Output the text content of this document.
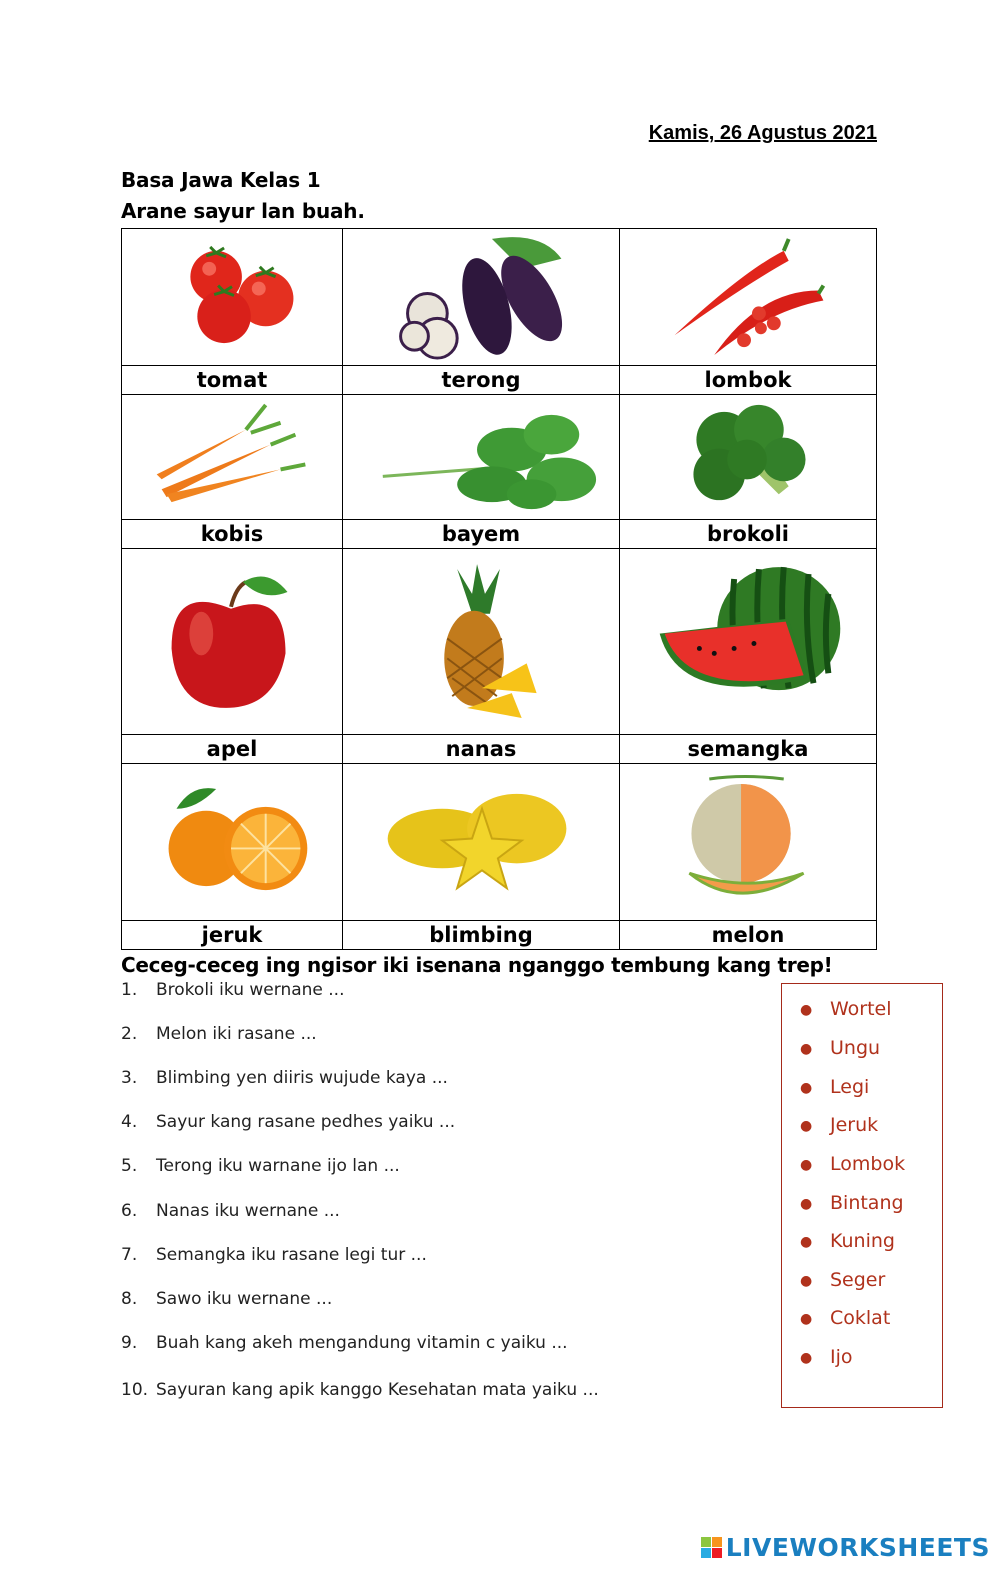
Kamis, 26 Agustus 2021
Basa Jawa Kelas 1
Arane sayur lan buah.
tomat	terong	lombok
kobis	bayem	brokoli
apel	nanas	semangka
jeruk	blimbing	melon
Ceceg-ceceg ing ngisor iki isenana nganggo tembung kang trep!
1. Brokoli iku wernane ...
2. Melon iki rasane ...
3. Blimbing yen diiris wujude kaya ...
4. Sayur kang rasane pedhes yaiku ...
5. Terong iku warnane ijo lan ...
6. Nanas iku wernane ...
7. Semangka iku rasane legi tur ...
8. Sawo iku wernane ...
9. Buah kang akeh mengandung vitamin c yaiku ...
10. Sayuran kang apik kanggo Kesehatan mata yaiku ...
● Wortel
● Ungu
● Legi
● Jeruk
● Lombok
● Bintang
● Kuning
● Seger
● Coklat
● Ijo
LIVEWORKSHEETS
